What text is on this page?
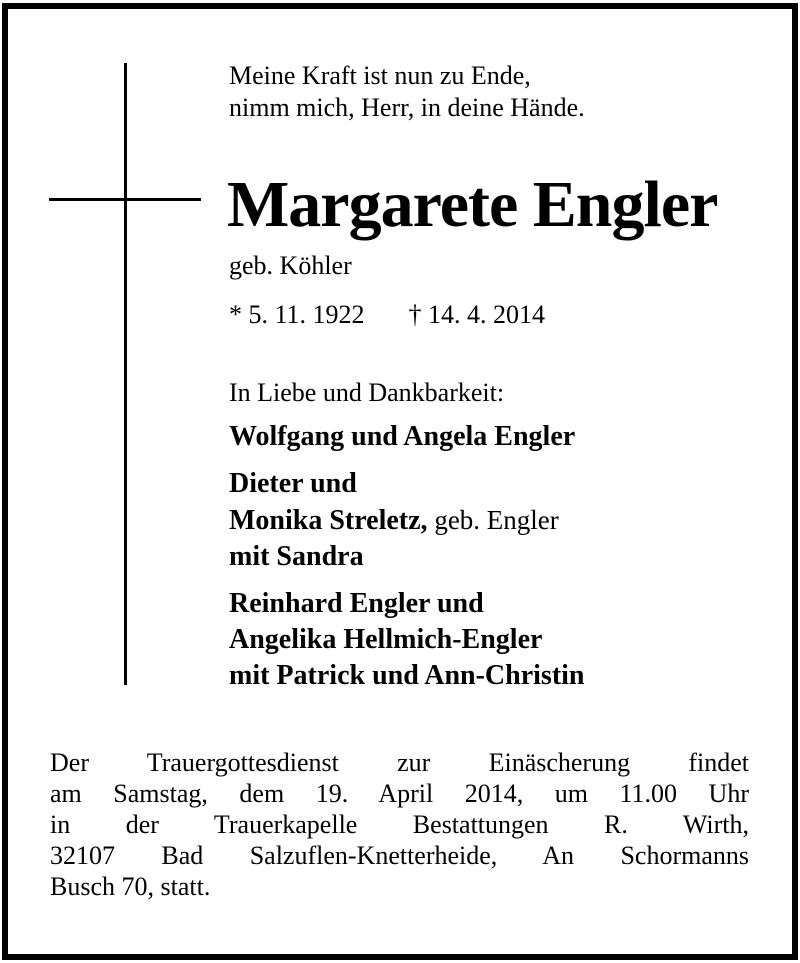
Meine Kraft ist nun zu Ende,
nimm mich, Herr, in deine Hände.
Margarete Engler
geb. Köhler
* 5. 11. 1922 † 14. 4. 2014
In Liebe und Dankbarkeit:
Wolfgang und Angela Engler
Dieter und
Monika Streletz, geb. Engler
mit Sandra
Reinhard Engler und
Angelika Hellmich-Engler
mit Patrick und Ann-Christin
Der Trauergottesdienst zur Einäscherung findet
am Samstag, dem 19. April 2014, um 11.00 Uhr
in der Trauerkapelle Bestattungen R. Wirth,
32107 Bad Salzuflen-Knetterheide, An Schormanns
Busch 70, statt.
